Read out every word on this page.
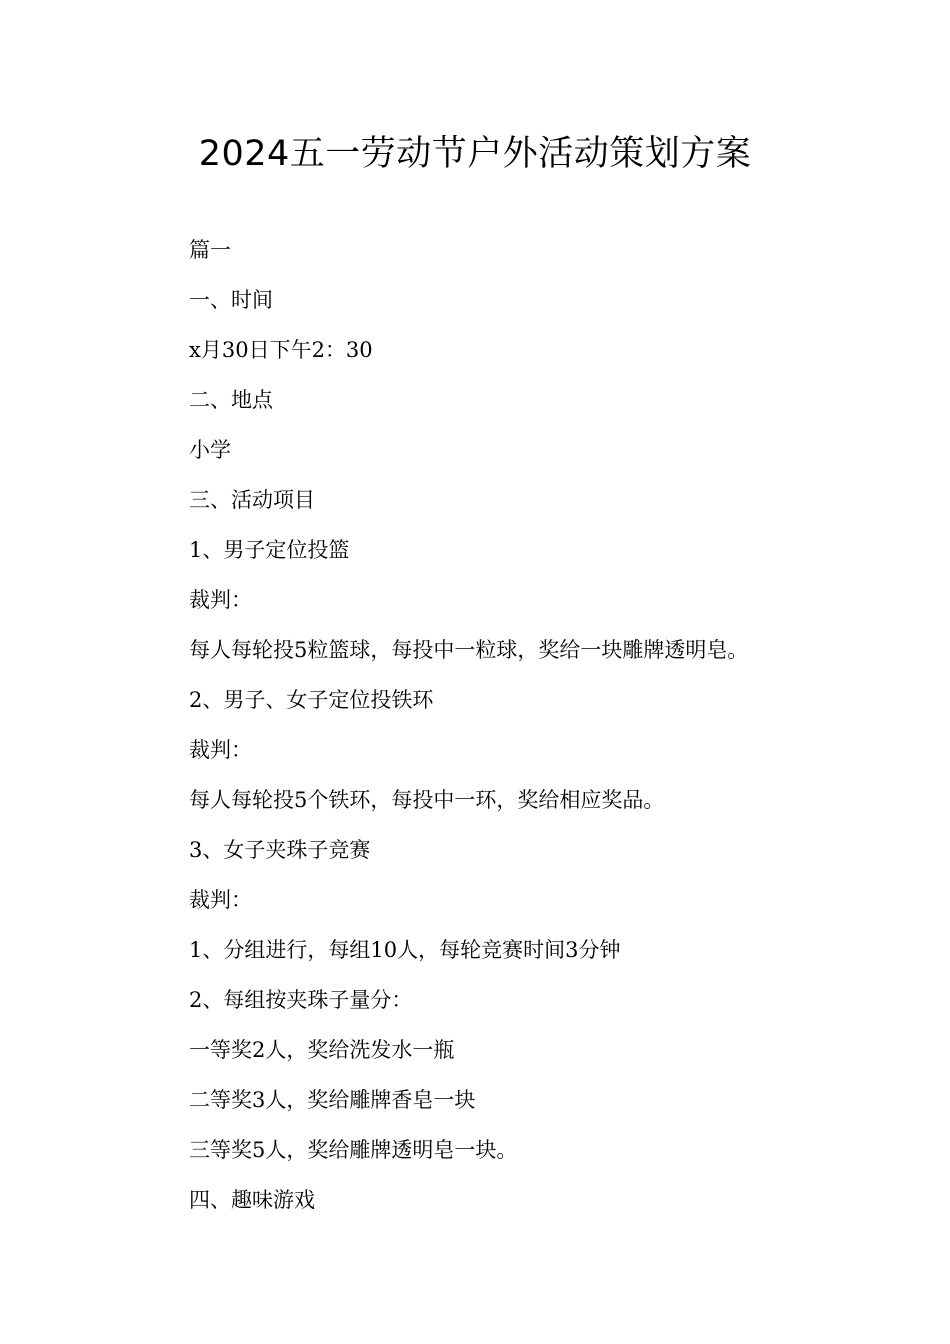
2024五一劳动节户外活动策划方案
篇一
一、时间
x月30日下午2：30
二、地点
小学
三、活动项目
1、男子定位投篮
裁判：
每人每轮投5粒篮球，每投中一粒球，奖给一块雕牌透明皂。
2、男子、女子定位投铁环
裁判：
每人每轮投5个铁环，每投中一环，奖给相应奖品。
3、女子夹珠子竞赛
裁判：
1、分组进行，每组10人，每轮竞赛时间3分钟
2、每组按夹珠子量分：
一等奖2人，奖给洗发水一瓶
二等奖3人，奖给雕牌香皂一块
三等奖5人，奖给雕牌透明皂一块。
四、趣味游戏
